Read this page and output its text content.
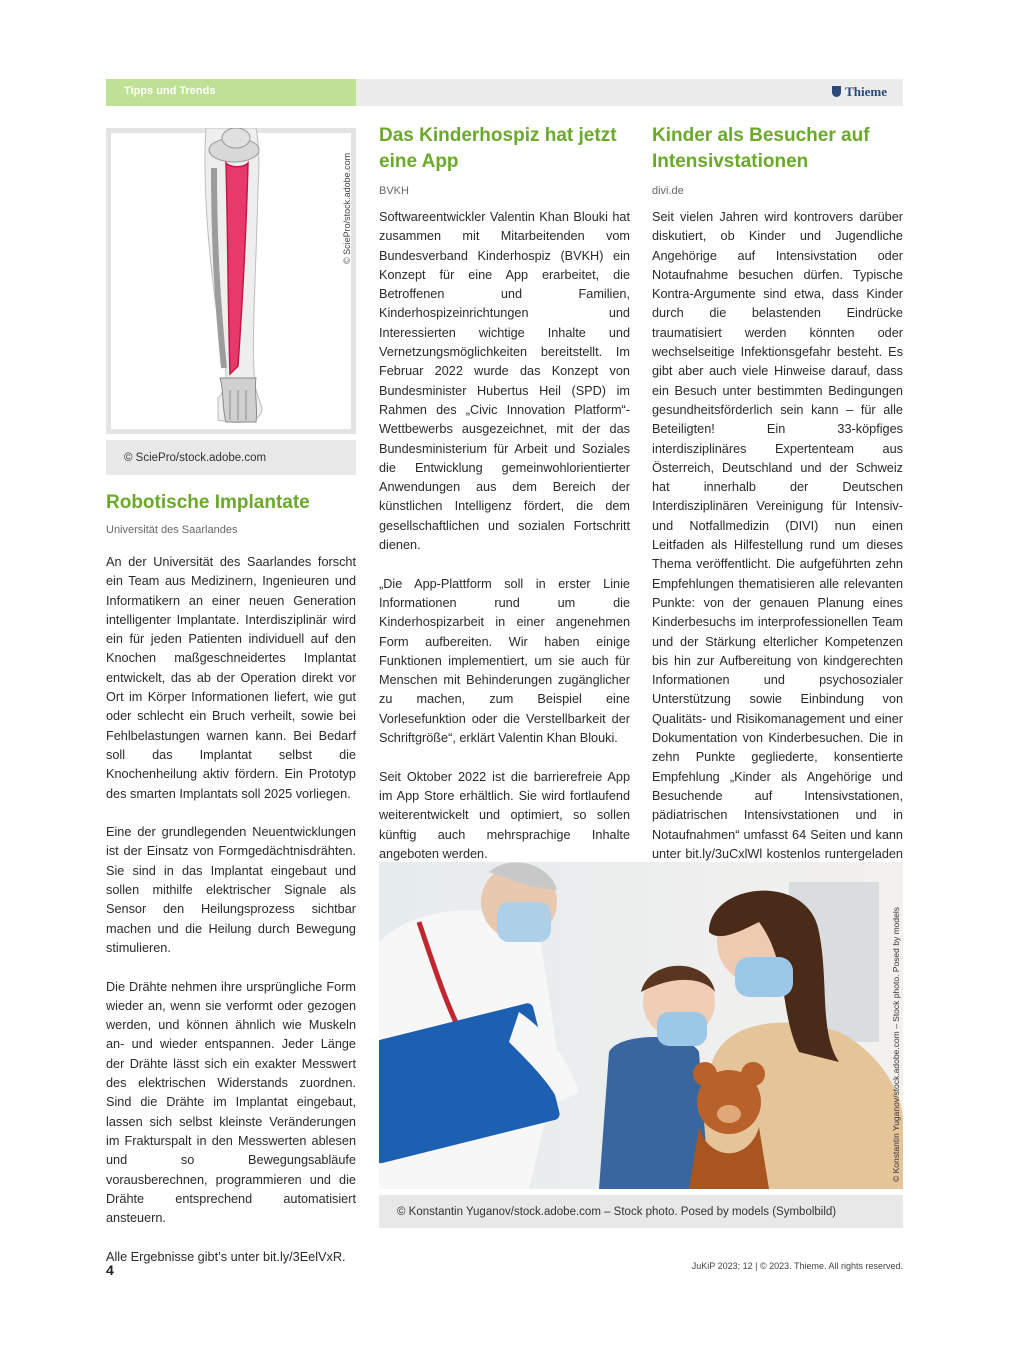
Tipps und Trends	Thieme
© SciePro/stock.adobe.com
© SciePro/stock.adobe.com
Robotische Implantate
Universität des Saarlandes

An der Universität des Saarlandes forscht ein Team aus Medizinern, Ingenieuren und Informatikern an einer neuen Generation intelligenter Implantate. Interdisziplinär wird ein für jeden Patienten individuell auf den Knochen maßgeschneidertes Implantat entwickelt, das ab der Operation direkt vor Ort im Körper Informationen liefert, wie gut oder schlecht ein Bruch verheilt, sowie bei Fehlbelastungen warnen kann. Bei Bedarf soll das Implantat selbst die Knochenheilung aktiv fördern. Ein Prototyp des smarten Implantats soll 2025 vorliegen.

Eine der grundlegenden Neuentwicklungen ist der Einsatz von Formgedächtnisdrähten. Sie sind in das Implantat eingebaut und sollen mithilfe elektrischer Signale als Sensor den Heilungsprozess sichtbar machen und die Heilung durch Bewegung stimulieren.

Die Drähte nehmen ihre ursprüngliche Form wieder an, wenn sie verformt oder gezogen werden, und können ähnlich wie Muskeln an- und wieder entspannen. Jeder Länge der Drähte lässt sich ein exakter Messwert des elektrischen Widerstands zuordnen. Sind die Drähte im Implantat eingebaut, lassen sich selbst kleinste Veränderungen im Frakturspalt in den Messwerten ablesen und so Bewegungsabläufe vorausberechnen, programmieren und die Drähte entsprechend automatisiert ansteuern.

Alle Ergebnisse gibt’s unter bit.ly/3EelVxR.

Das Kinderhospiz hat jetzt eine App
BVKH

Softwareentwickler Valentin Khan Blouki hat zusammen mit Mitarbeitenden vom Bundesverband Kinderhospiz (BVKH) ein Konzept für eine App erarbeitet, die Betroffenen und Familien, Kinderhospizeinrichtungen und Interessierten wichtige Inhalte und Vernetzungsmöglichkeiten bereitstellt. Im Februar 2022 wurde das Konzept von Bundesminister Hubertus Heil (SPD) im Rahmen des „Civic Innovation Platform“-Wettbewerbs ausgezeichnet, mit der das Bundesministerium für Arbeit und Soziales die Entwicklung gemeinwohlorientierter Anwendungen aus dem Bereich der künstlichen Intelligenz fördert, die dem gesellschaftlichen und sozialen Fortschritt dienen.

„Die App-Plattform soll in erster Linie Informationen rund um die Kinderhospizarbeit in einer angenehmen Form aufbereiten. Wir haben einige Funktionen implementiert, um sie auch für Menschen mit Behinderungen zugänglicher zu machen, zum Beispiel eine Vorlesefunktion oder die Verstellbarkeit der Schriftgröße“, erklärt Valentin Khan Blouki.

Seit Oktober 2022 ist die barrierefreie App im App Store erhältlich. Sie wird fortlaufend weiterentwickelt und optimiert, so sollen künftig auch mehrsprachige Inhalte angeboten werden.

Kinder als Besucher auf Intensivstationen
divi.de

Seit vielen Jahren wird kontrovers darüber diskutiert, ob Kinder und Jugendliche Angehörige auf Intensivstation oder Notaufnahme besuchen dürfen. Typische Kontra-Argumente sind etwa, dass Kinder durch die belastenden Eindrücke traumatisiert werden könnten oder wechselseitige Infektionsgefahr besteht. Es gibt aber auch viele Hinweise darauf, dass ein Besuch unter bestimmten Bedingungen gesundheitsförderlich sein kann – für alle Beteiligten! Ein 33-köpfiges interdisziplinäres Expertenteam aus Österreich, Deutschland und der Schweiz hat innerhalb der Deutschen Interdisziplinären Vereinigung für Intensiv- und Notfallmedizin (DIVI) nun einen Leitfaden als Hilfestellung rund um dieses Thema veröffentlicht. Die aufgeführten zehn Empfehlungen thematisieren alle relevanten Punkte: von der genauen Planung eines Kinderbesuchs im interprofessionellen Team und der Stärkung elterlicher Kompetenzen bis hin zur Aufbereitung von kindgerechten Informationen und psychosozialer Unterstützung sowie Einbindung von Qualitäts- und Risikomanagement und einer Dokumentation von Kinderbesuchen. Die in zehn Punkte gegliederte, konsentierte Empfehlung „Kinder als Angehörige und Besuchende auf Intensivstationen, pädiatrischen Intensivstationen und in Notaufnahmen“ umfasst 64 Seiten und kann unter bit.ly/3uCxlWl kostenlos runtergeladen

© Konstantin Yuganov/stock.adobe.com – Stock photo. Posed by models
© Konstantin Yuganov/stock.adobe.com – Stock photo. Posed by models (Symbolbild)
4	JuKiP 2023; 12 | © 2023. Thieme. All rights reserved.
